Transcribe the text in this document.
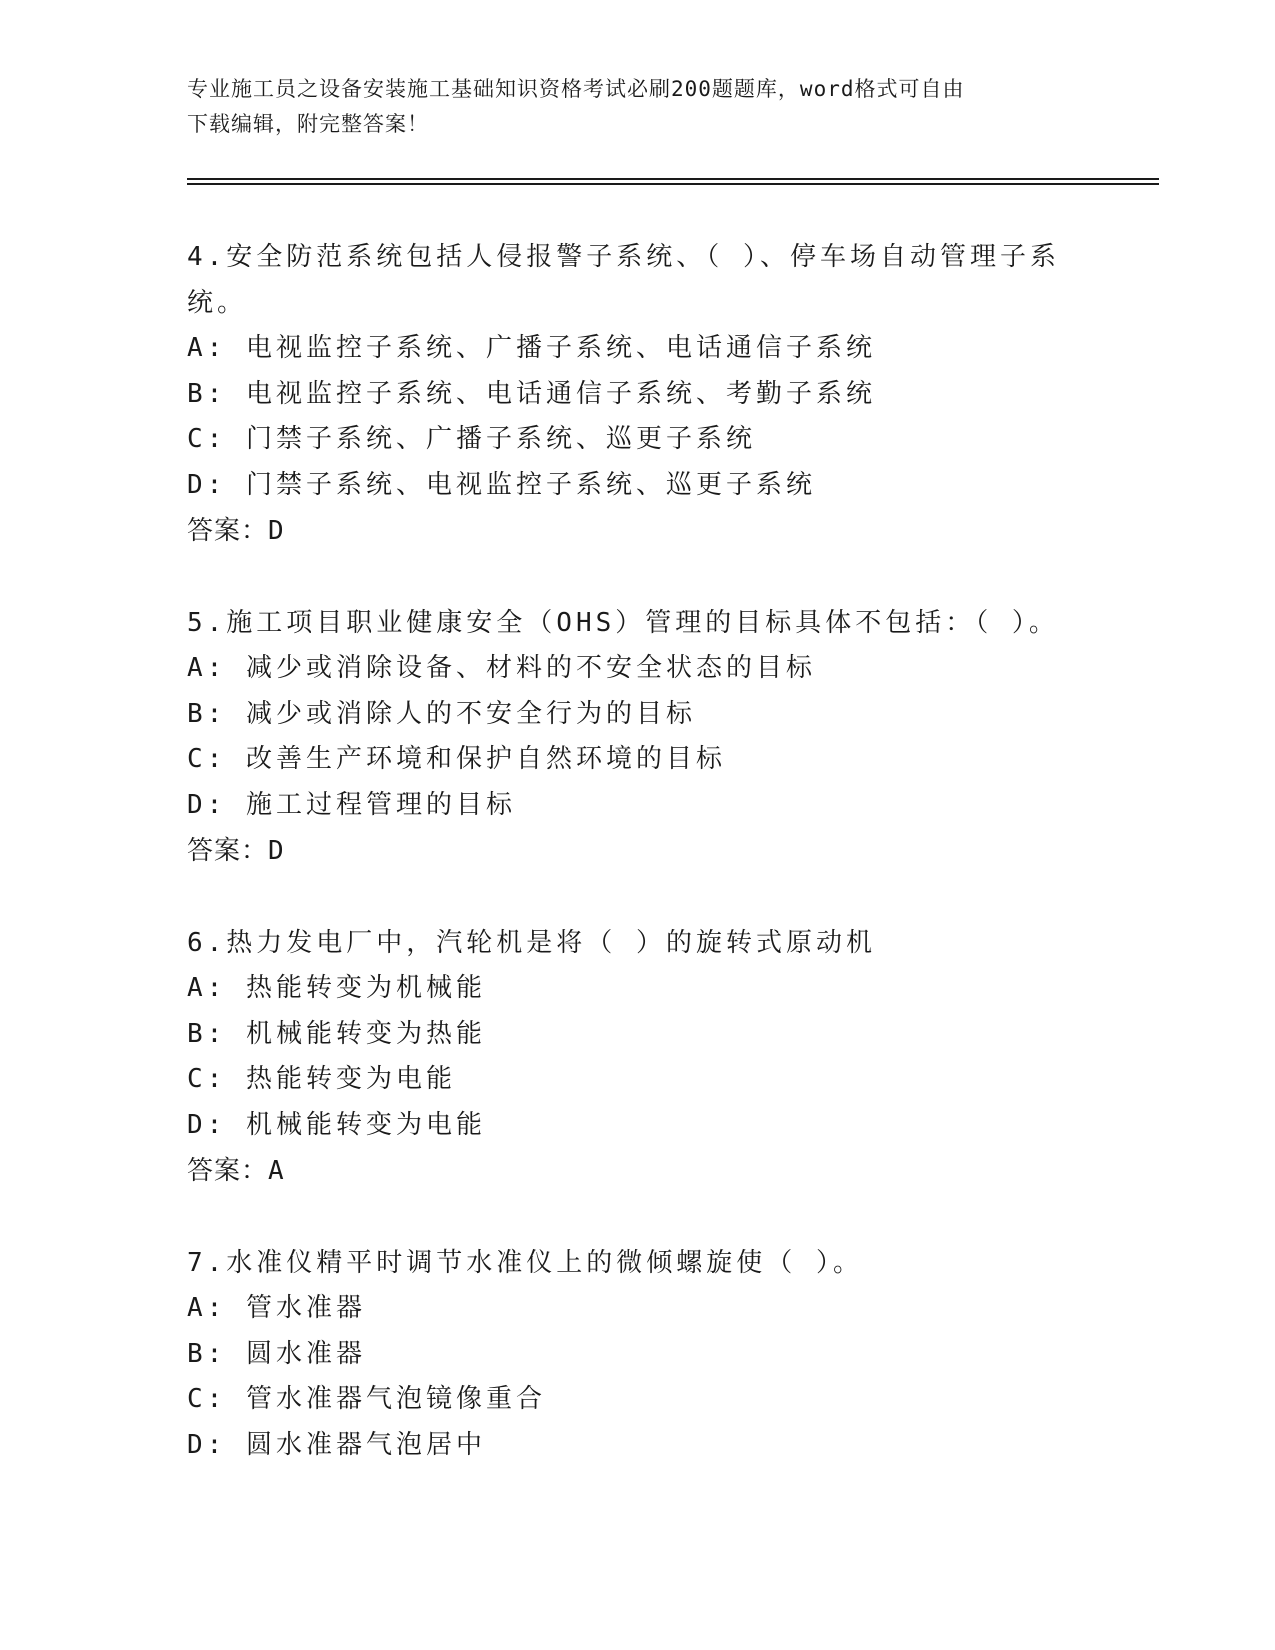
专业施工员之设备安装施工基础知识资格考试必刷200题题库，word格式可自由
下载编辑，附完整答案！
4.安全防范系统包括人侵报警子系统、（ ）、停车场自动管理子系统。
A: 电视监控子系统、广播子系统、电话通信子系统
B: 电视监控子系统、电话通信子系统、考勤子系统
C: 门禁子系统、广播子系统、巡更子系统
D: 门禁子系统、电视监控子系统、巡更子系统
答案：D
5.施工项目职业健康安全（OHS）管理的目标具体不包括：（ ）。
A: 减少或消除设备、材料的不安全状态的目标
B: 减少或消除人的不安全行为的目标
C: 改善生产环境和保护自然环境的目标
D: 施工过程管理的目标
答案：D
6.热力发电厂中，汽轮机是将（ ）的旋转式原动机
A: 热能转变为机械能
B: 机械能转变为热能
C: 热能转变为电能
D: 机械能转变为电能
答案：A
7.水准仪精平时调节水准仪上的微倾螺旋使（ ）。
A: 管水准器
B: 圆水准器
C: 管水准器气泡镜像重合
D: 圆水准器气泡居中
